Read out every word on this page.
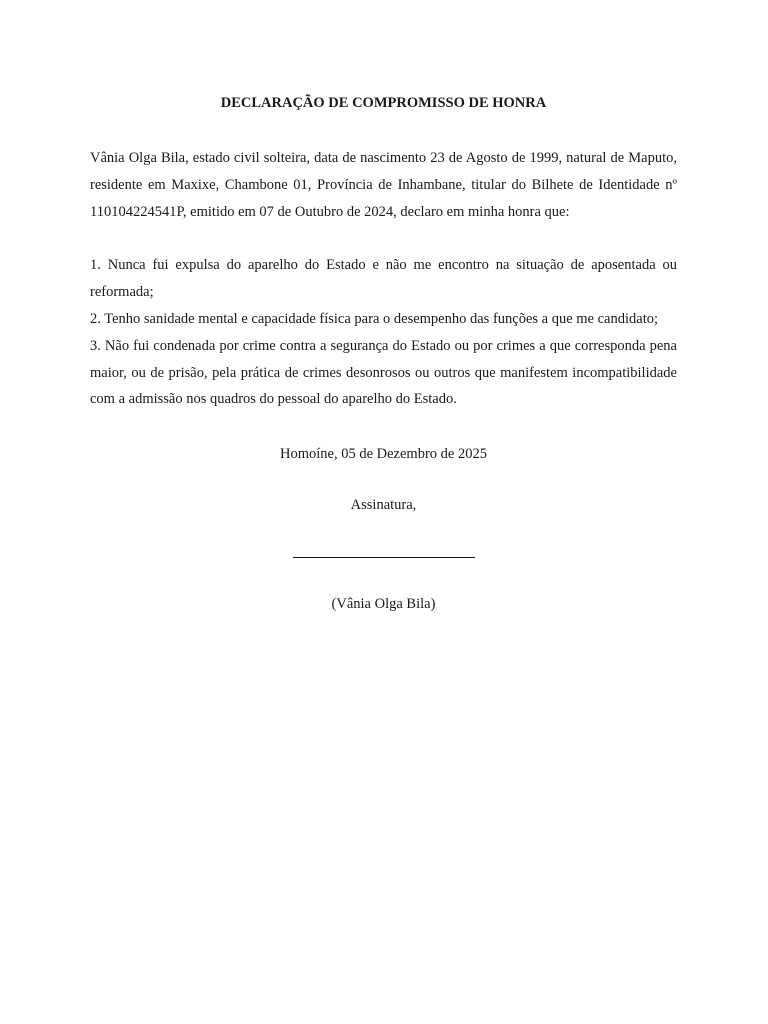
DECLARAÇÃO DE COMPROMISSO DE HONRA

Vânia Olga Bila, estado civil solteira, data de nascimento 23 de Agosto de 1999, natural de Maputo, residente em Maxixe, Chambone 01, Província de Inhambane, titular do Bilhete de Identidade nº 110104224541P, emitido em 07 de Outubro de 2024, declaro em minha honra que:

1. Nunca fui expulsa do aparelho do Estado e não me encontro na situação de aposentada ou reformada;

2. Tenho sanidade mental e capacidade física para o desempenho das funções a que me candidato;

3. Não fui condenada por crime contra a segurança do Estado ou por crimes a que corresponda pena maior, ou de prisão, pela prática de crimes desonrosos ou outros que manifestem incompatibilidade com a admissão nos quadros do pessoal do aparelho do Estado.

Homoíne, 05 de Dezembro de 2025

Assinatura,

(Vânia Olga Bila)
